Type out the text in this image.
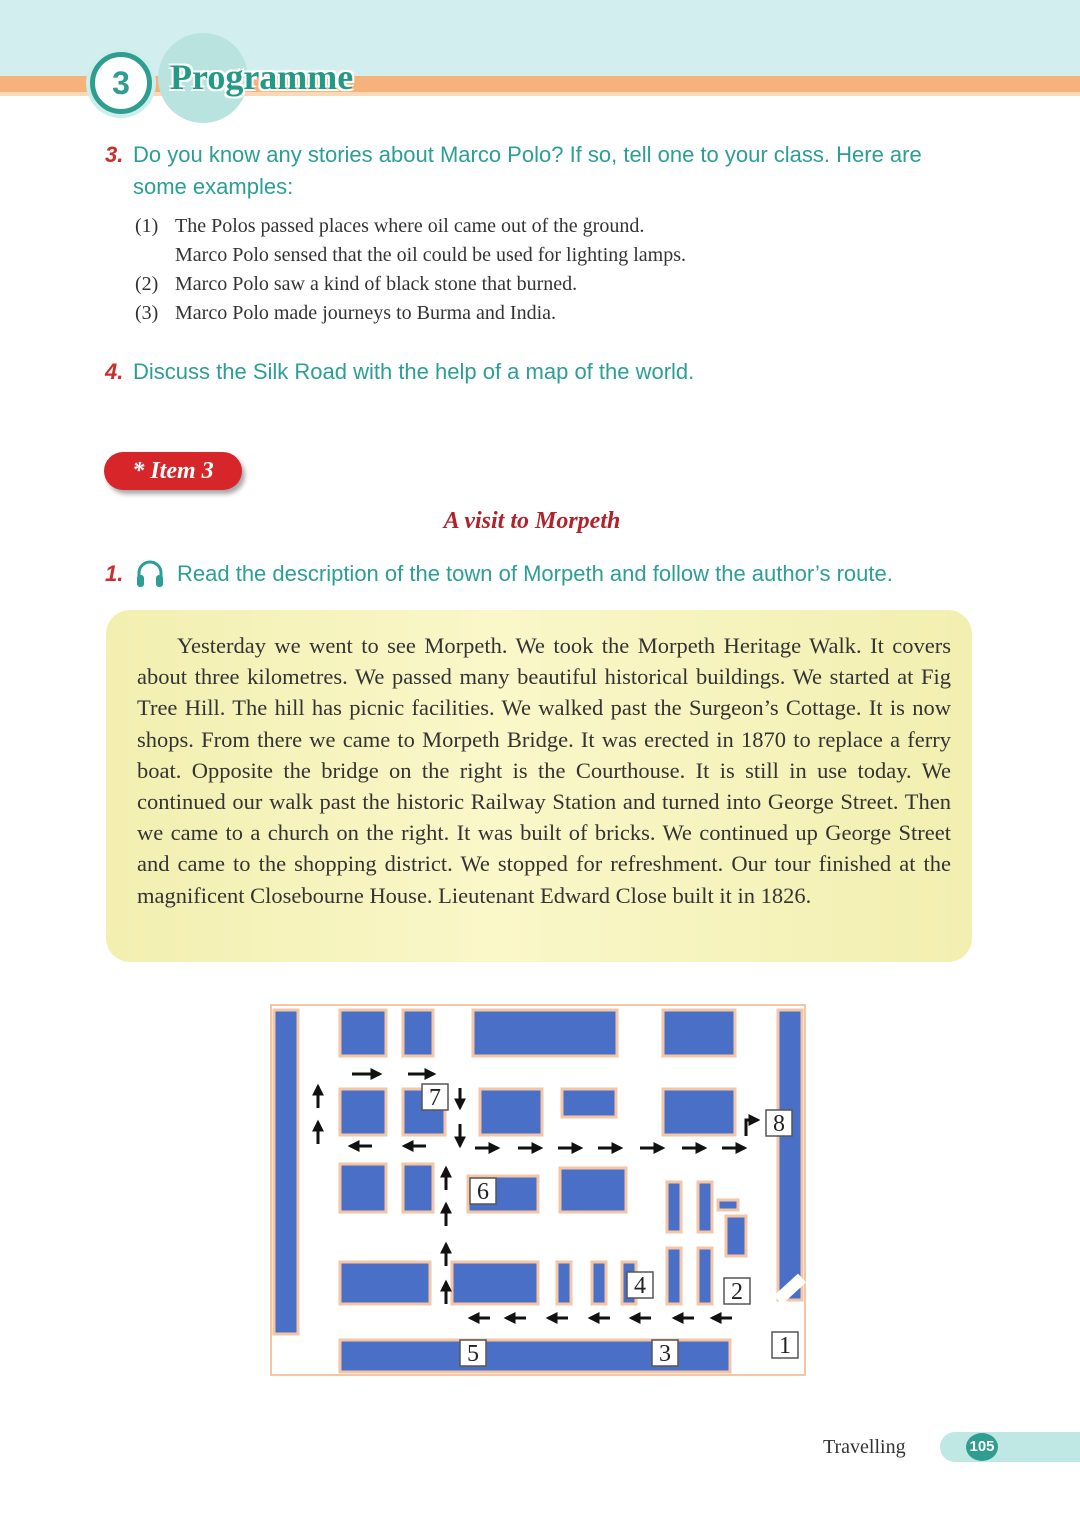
3	Programme
3. Do you know any stories about Marco Polo? If so, tell one to your class. Here are some examples:
(1) The Polos passed places where oil came out of the ground.
Marco Polo sensed that the oil could be used for lighting lamps.
(2) Marco Polo saw a kind of black stone that burned.
(3) Marco Polo made journeys to Burma and India.
4. Discuss the Silk Road with the help of a map of the world.
* Item 3
A visit to Morpeth
1.	Read the description of the town of Morpeth and follow the author’s route.

Yesterday we went to see Morpeth. We took the Morpeth Heritage Walk. It covers about three kilometres. We passed many beautiful historical buildings. We started at Fig Tree Hill. The hill has picnic facilities. We walked past the Surgeon’s Cottage. It is now shops. From there we came to Morpeth Bridge. It was erected in 1870 to replace a ferry boat. Opposite the bridge on the right is the Courthouse. It is still in use today. We continued our walk past the historic Railway Station and turned into George Street. Then we came to a church on the right. It was built of bricks. We continued up George Street and came to the shopping district. We stopped for refreshment. Our tour finished at the magnificent Closebourne House. Lieutenant Edward Close built it in 1826.

1
2
3
4
5
6
7
8
Travelling	105
